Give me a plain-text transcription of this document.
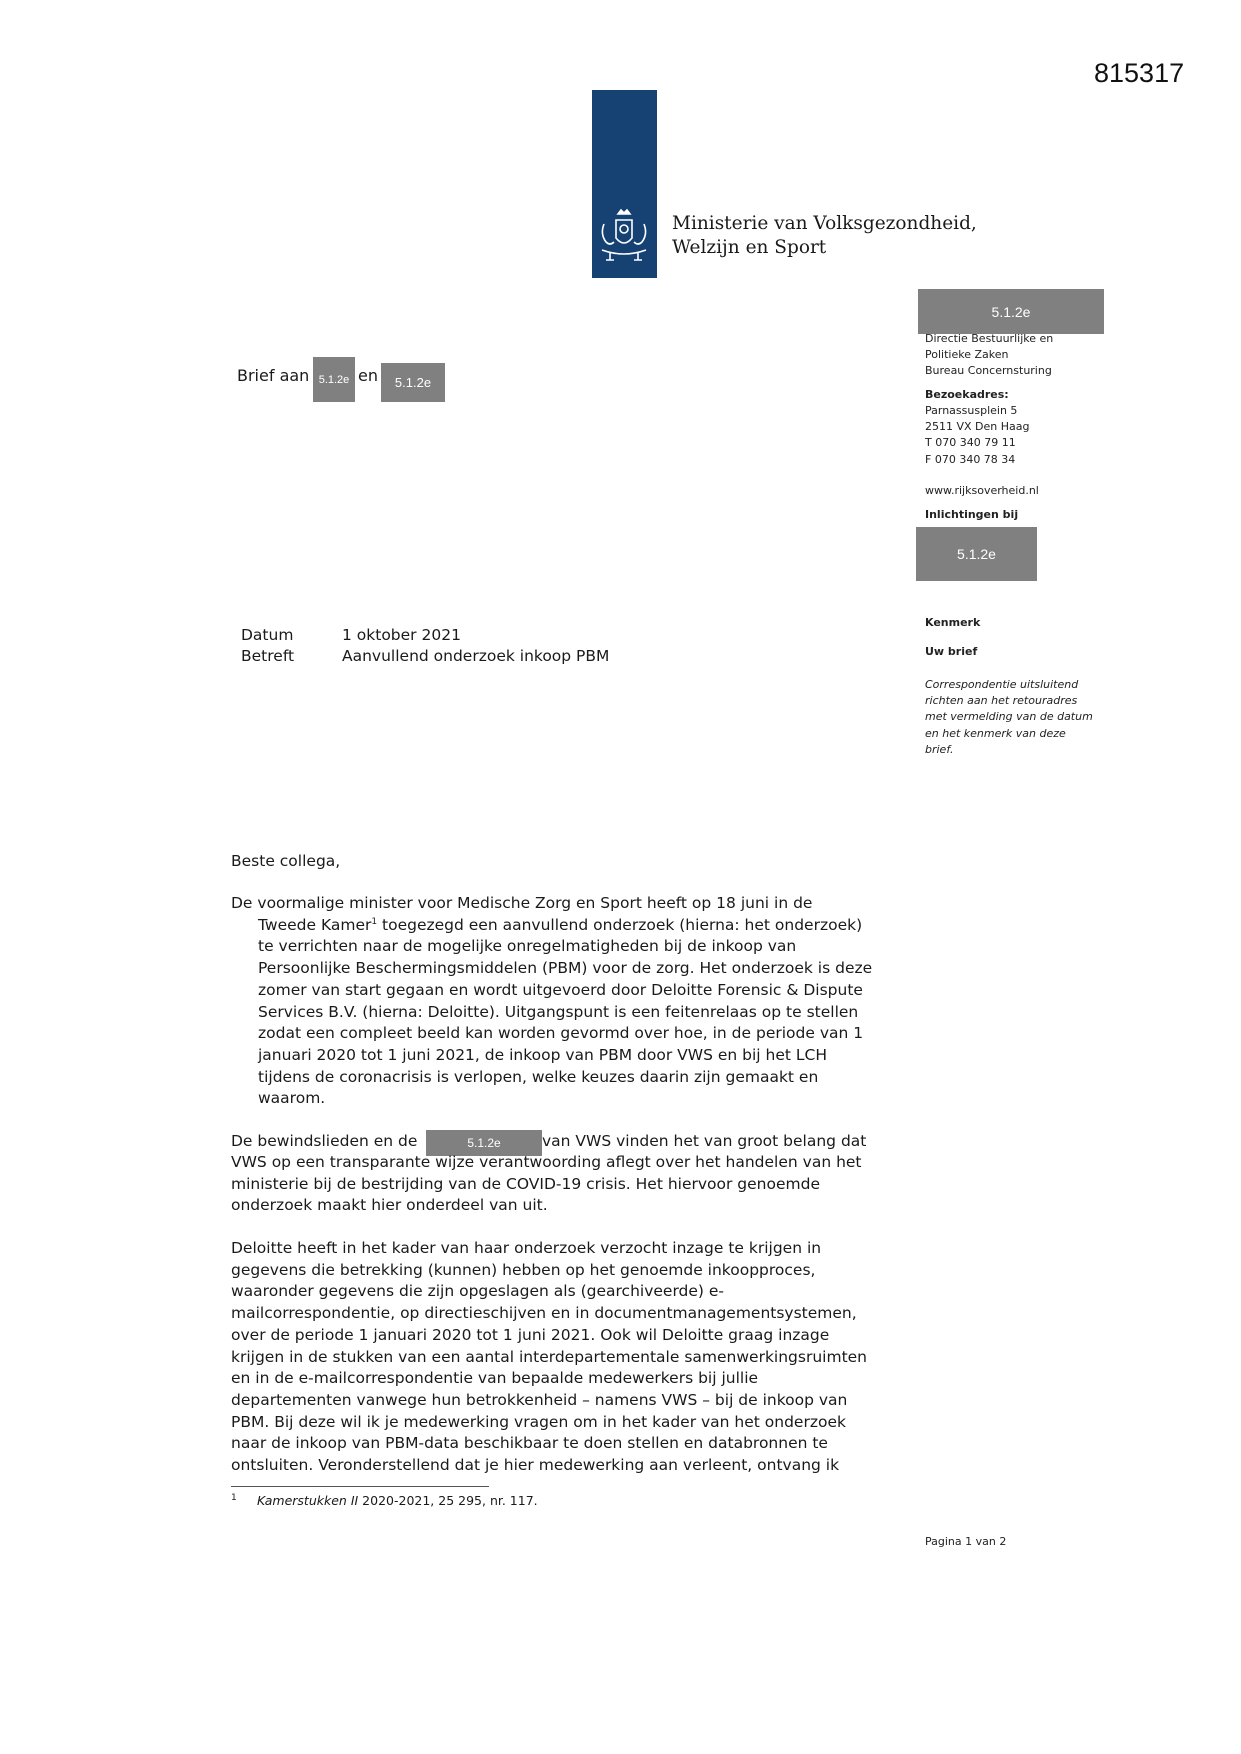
815317
Ministerie van Volksgezondheid,
Welzijn en Sport
5.1.2e
5.1.2e
Directie Bestuurlijke en
Politieke Zaken
Bureau Concernsturing
Bezoekadres:
Parnassusplein 5
2511 VX Den Haag
T 070 340 79 11
F 070 340 78 34
www.rijksoverheid.nl
Inlichtingen bij
Kenmerk
Uw brief
Correspondentie uitsluitend
richten aan het retouradres
met vermelding van de datum
en het kenmerk van deze
brief.
Brief aan 5.1.2e en	5.1.2e
Datum	1 oktober 2021
Betreft	Aanvullend onderzoek inkoop PBM
Beste collega,
De voormalige minister voor Medische Zorg en Sport heeft op 18 juni in de
Tweede Kamer$^1$ toegezegd een aanvullend onderzoek (hierna: het onderzoek)
te verrichten naar de mogelijke onregelmatigheden bij de inkoop van
Persoonlijke Beschermingsmiddelen (PBM) voor de zorg. Het onderzoek is deze
zomer van start gegaan en wordt uitgevoerd door Deloitte Forensic & Dispute
Services B.V. (hierna: Deloitte). Uitgangspunt is een feitenrelaas op te stellen
zodat een compleet beeld kan worden gevormd over hoe, in de periode van 1
januari 2020 tot 1 juni 2021, de inkoop van PBM door VWS en bij het LCH
tijdens de coronacrisis is verlopen, welke keuzes daarin zijn gemaakt en
waarom.
De bewindslieden en de	5.1.2e	van VWS vinden het van groot belang dat
VWS op een transparante wijze verantwoording aflegt over het handelen van het
ministerie bij de bestrijding van de COVID-19 crisis. Het hiervoor genoemde
onderzoek maakt hier onderdeel van uit.
Deloitte heeft in het kader van haar onderzoek verzocht inzage te krijgen in
gegevens die betrekking (kunnen) hebben op het genoemde inkoopproces,
waaronder gegevens die zijn opgeslagen als (gearchiveerde) e-
mailcorrespondentie, op directieschijven en in documentmanagementsystemen,
over de periode 1 januari 2020 tot 1 juni 2021. Ook wil Deloitte graag inzage
krijgen in de stukken van een aantal interdepartementale samenwerkingsruimten
en in de e-mailcorrespondentie van bepaalde medewerkers bij jullie
departementen vanwege hun betrokkenheid – namens VWS – bij de inkoop van
PBM. Bij deze wil ik je medewerking vragen om in het kader van het onderzoek
naar de inkoop van PBM-data beschikbaar te doen stellen en databronnen te
ontsluiten. Veronderstellend dat je hier medewerking aan verleent, ontvang ik
1 Kamerstukken II 2020-2021, 25 295, nr. 117.
Pagina 1 van 2
